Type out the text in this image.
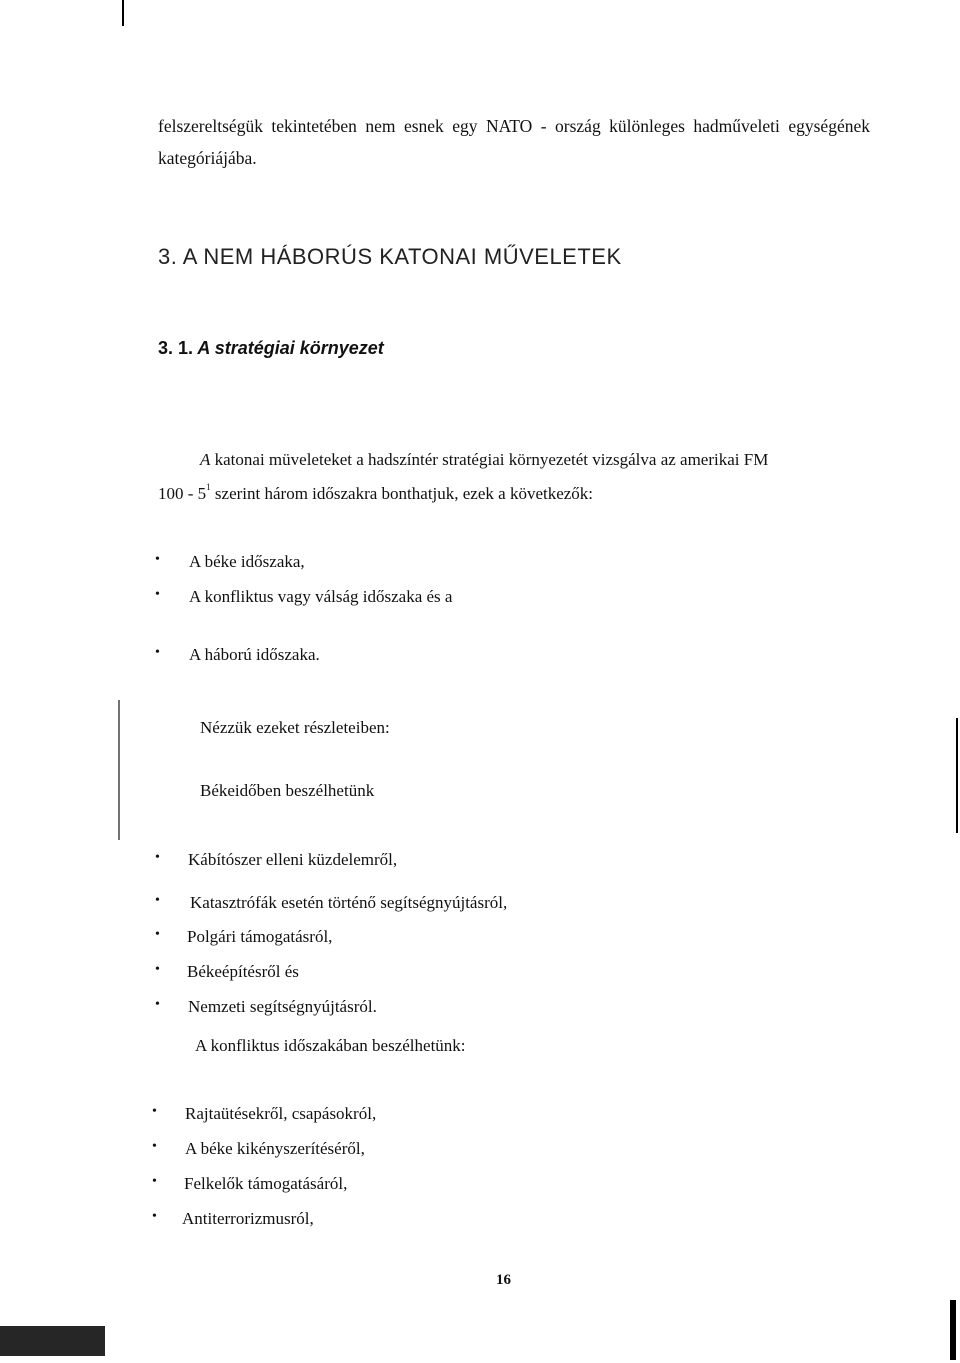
felszereltségük tekintetében nem esnek egy NATO - ország különleges hadműveleti egységének kategóriájába.

3. A NEM HÁBORÚS KATONAI MŰVELETEK
3. 1. A stratégiai környezet

A katonai müveleteket a hadszíntér stratégiai környezetét vizsgálva az amerikai FM
$100 - 5^1$ szerint három időszakra bonthatjuk, ezek a következők:

• A béke időszaka,
• A konfliktus vagy válság időszaka és a
• A háború időszaka.
Nézzük ezeket részleteiben:
Békeidőben beszélhetünk
• Kábítószer elleni küzdelemről,
• Katasztrófák esetén történő segítségnyújtásról,
• Polgári támogatásról,
• Békeépítésről és
• Nemzeti segítségnyújtásról.
A konfliktus időszakában beszélhetünk:
• Rajtaütésekről, csapásokról,
• A béke kikényszerítéséről,
• Felkelők támogatásáról,
• Antiterrorizmusról,
16
